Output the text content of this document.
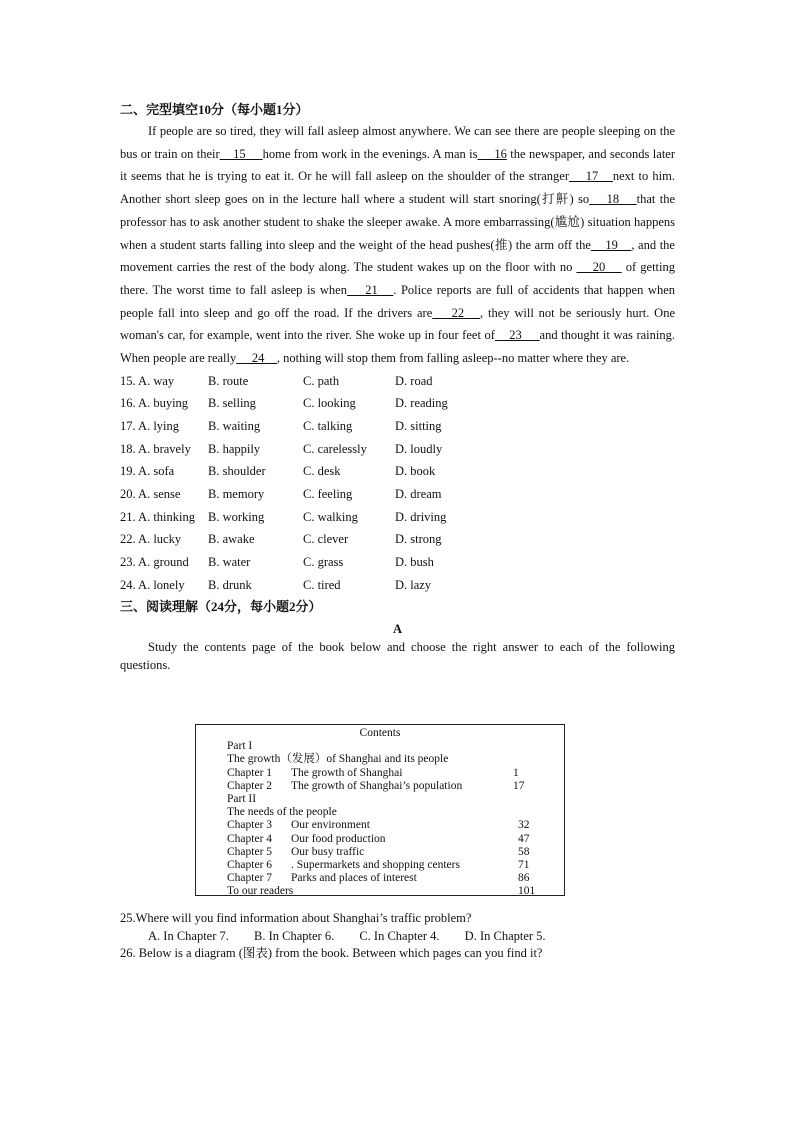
二、完型填空10分（每小题1分）

If people are so tired, they will fall asleep almost anywhere. We can see there are people sleeping on the bus or train on their    15     home from work in the evenings. A man is     16 the newspaper, and seconds later it seems that he is trying to eat it. Or he will fall asleep on the shoulder of the stranger    17  _next to him. Another short sleep goes on in the lecture hall where a student will start snoring(打鼾) so    18    that the professor has to ask another student to shake the sleeper awake. A more embarrassing(尴尬) situation happens when a student starts falling into sleep and the weight of the head pushes(推) the arm off the    19  _, and the movement carries the rest of the body along. The student wakes up on the floor with no     20     of getting there. The worst time to fall asleep is when    21  _. Police reports are full of accidents that happen when people fall into sleep and go off the road. If the drivers are    22  _, they will not be seriously hurt. One woman's car, for example, went into the river. She woke up in four feet of    23     and thought it was raining. When people are really     24  _, nothing will stop them from falling asleep--no matter where they are.

15. A. way	B. route	C. path	D. road
16. A. buying	B. selling	C. looking	D. reading
17. A. lying	B. waiting	C. talking	D. sitting
18. A. bravely	B. happily	C. carelessly	D. loudly
19. A. sofa	B. shoulder	C. desk	D. book
20. A. sense	B. memory	C. feeling	D. dream
21. A. thinking	B. working	C. walking	D. driving
22. A. lucky	B. awake	C. clever	D. strong
23. A. ground	B. water	C. grass	D. bush
24. A. lonely	B. drunk	C. tired	D. lazy
三、阅读理解（24分，每小题2分）
A

Study the contents page of the book below and choose the right answer to each of the following questions.

Contents
Part I
The growth（发展）of Shanghai and its people
Chapter 1 The growth of Shanghai	1
Chapter 2 The growth of Shanghai’s population	17
Part II
The needs of the people
Chapter 3 Our environment	32
Chapter 4 Our food production	47
Chapter 5 Our busy traffic	58
Chapter 6 . Supermarkets and shopping centers	71
Chapter 7 Parks and places of interest	86
To our readers	101
25.Where will you find information about Shanghai’s traffic problem?
A. In Chapter 7. B. In Chapter 6. C. In Chapter 4. D. In Chapter 5.
26. Below is a diagram (图表) from the book. Between which pages can you find it?
